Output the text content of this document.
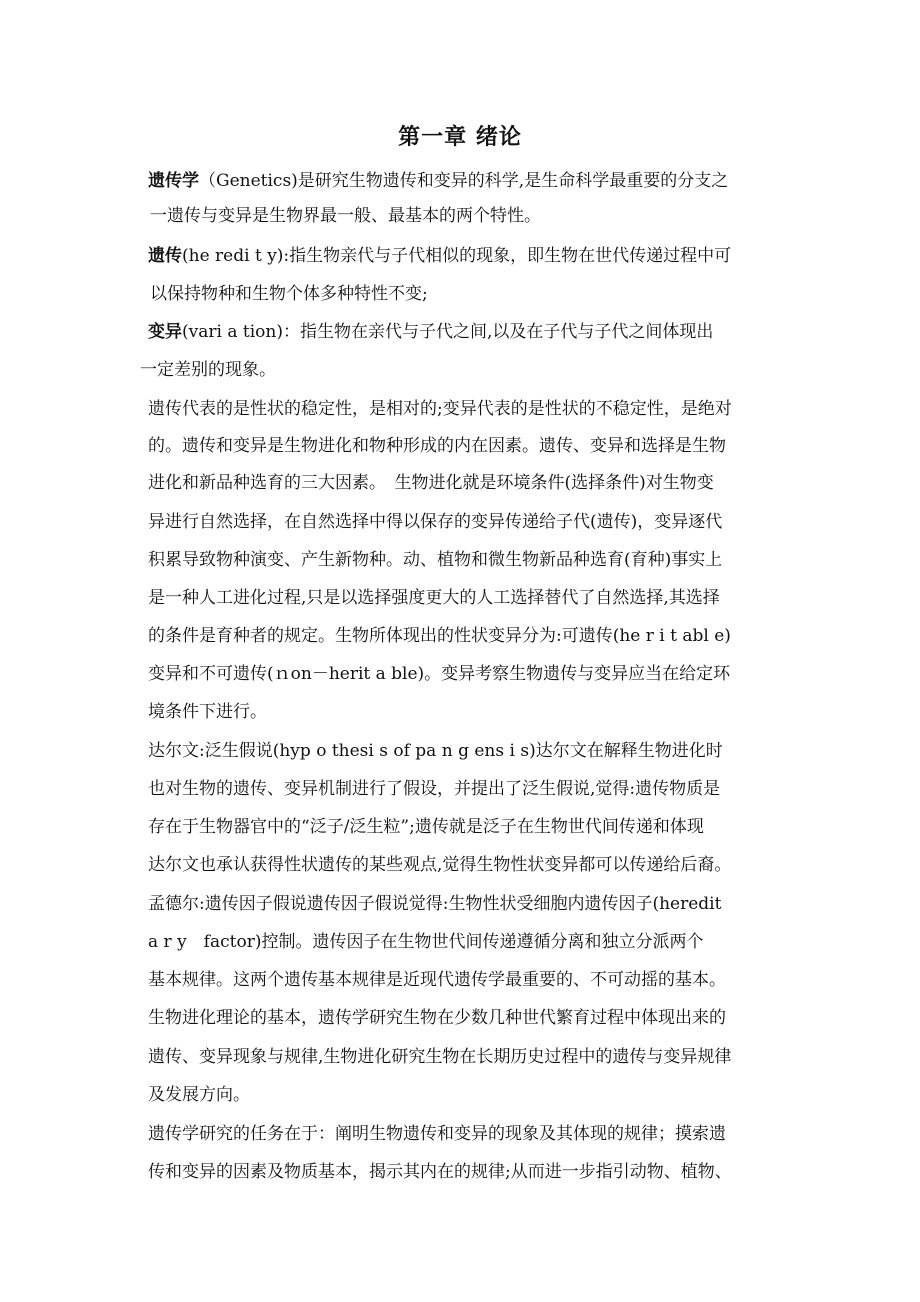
第一章 绪论
遗传学（Genetics)是研究生物遗传和变异的科学,是生命科学最重要的分支之
一遗传与变异是生物界最一般、最基本的两个特性。
遗传(he redi t y):指生物亲代与子代相似的现象，即生物在世代传递过程中可
以保持物种和生物个体多种特性不变;
变异(vari a tion)：指生物在亲代与子代之间,以及在子代与子代之间体现出
一定差别的现象。
遗传代表的是性状的稳定性，是相对的;变异代表的是性状的不稳定性，是绝对
的。遗传和变异是生物进化和物种形成的内在因素。遗传、变异和选择是生物
进化和新品种选育的三大因素。　生物进化就是环境条件(选择条件)对生物变
异进行自然选择，在自然选择中得以保存的变异传递给子代(遗传)，变异逐代
积累导致物种演变、产生新物种。动、植物和微生物新品种选育(育种)事实上
是一种人工进化过程,只是以选择强度更大的人工选择替代了自然选择,其选择
的条件是育种者的规定。生物所体现出的性状变异分为:可遗传(he r i t abl e)
变异和不可遗传(ｎon－herit a ble)。变异考察生物遗传与变异应当在给定环
境条件下进行。
达尔文:泛生假说(hyp o thesi s of pa n g ens i s)达尔文在解释生物进化时
也对生物的遗传、变异机制进行了假设，并提出了泛生假说,觉得:遗传物质是
存在于生物器官中的“泛子/泛生粒”;遗传就是泛子在生物世代间传递和体现
达尔文也承认获得性状遗传的某些观点,觉得生物性状变异都可以传递给后裔。
孟德尔:遗传因子假说遗传因子假说觉得:生物性状受细胞内遗传因子(heredit
a r y　factor)控制。遗传因子在生物世代间传递遵循分离和独立分派两个
基本规律。这两个遗传基本规律是近现代遗传学最重要的、不可动摇的基本。
生物进化理论的基本，遗传学研究生物在少数几种世代繁育过程中体现出来的
遗传、变异现象与规律,生物进化研究生物在长期历史过程中的遗传与变异规律
及发展方向。
遗传学研究的任务在于：阐明生物遗传和变异的现象及其体现的规律；摸索遗
传和变异的因素及物质基本，揭示其内在的规律;从而进一步指引动物、植物、
